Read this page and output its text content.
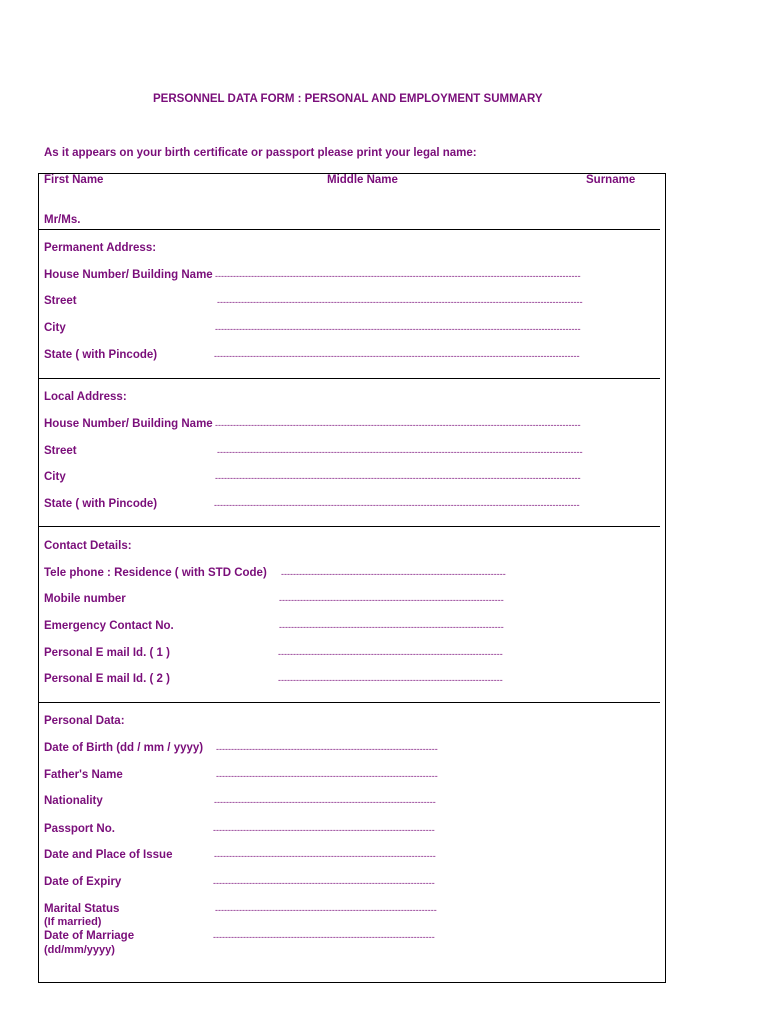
PERSONNEL DATA FORM : PERSONAL AND EMPLOYMENT SUMMARY
As it appears on your birth certificate or passport please print your legal name:
First Name	Middle Name	Surname
Mr/Ms.
Permanent Address:
House Number/ Building Name --------------------------------------------------------------------------------------------------------------------------
Street	--------------------------------------------------------------------------------------------------------------------------
City	--------------------------------------------------------------------------------------------------------------------------
State ( with Pincode)	--------------------------------------------------------------------------------------------------------------------------
Local Address:
House Number/ Building Name --------------------------------------------------------------------------------------------------------------------------
Street	--------------------------------------------------------------------------------------------------------------------------
City	--------------------------------------------------------------------------------------------------------------------------
State ( with Pincode)	--------------------------------------------------------------------------------------------------------------------------
Contact Details:
Tele phone : Residence ( with STD Code) ---------------------------------------------------------------------------
Mobile number	---------------------------------------------------------------------------
Emergency Contact No.	---------------------------------------------------------------------------
Personal E mail Id. ( 1 )	---------------------------------------------------------------------------
Personal E mail Id. ( 2 )	---------------------------------------------------------------------------
Personal Data:
Date of Birth (dd / mm / yyyy) --------------------------------------------------------------------------
Father's Name	--------------------------------------------------------------------------
Nationality	--------------------------------------------------------------------------
Passport No.	--------------------------------------------------------------------------
Date and Place of Issue	--------------------------------------------------------------------------
Date of Expiry	--------------------------------------------------------------------------
Marital Status	--------------------------------------------------------------------------
(If married)
Date of Marriage	--------------------------------------------------------------------------
(dd/mm/yyyy)
